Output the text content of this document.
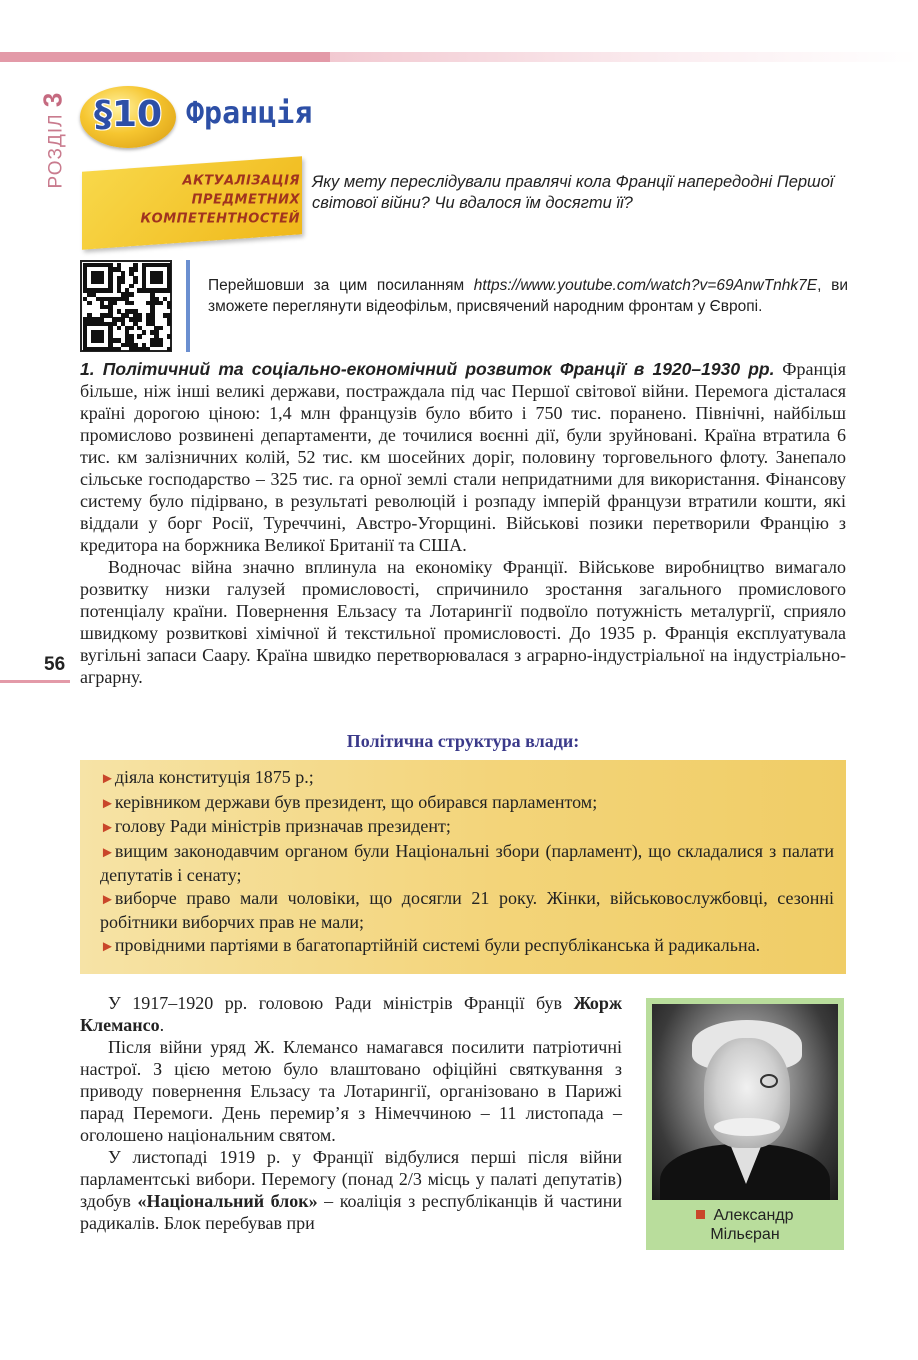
РОЗДІЛ 3 §10 Франція
АКТУАЛІЗАЦІЯ
ПРЕДМЕТНИХ
КОМПЕТЕНТНОСТЕЙ
Яку мету переслідували правлячі кола Франції напередодні Першої світової війни? Чи вдалося їм досягти її?
Перейшовши за цим посиланням https://www.youtube.com/watch?v=69AnwTnhk7E, ви зможете переглянути відеофільм, присвячений народним фронтам у Європі.

1. Політичний та соціально-економічний розвиток Франції в 1920–1930 рр. Франція більше, ніж інші великі держави, постраждала під час Першої світової війни. Перемога дісталася країні дорогою ціною: 1,4 млн французів було вбито і 750 тис. поранено. Північні, найбільш промислово розвинені департаменти, де точилися воєнні дії, були зруйновані. Країна втратила 6 тис. км залізничних колій, 52 тис. км шосейних доріг, половину торговельного флоту. Занепало сільське господарство – 325 тис. га орної землі стали непридатними для використання. Фінансову систему було підірвано, в результаті революцій і розпаду імперій французи втратили кошти, які віддали у борг Росії, Туреччині, Австро-Угорщині. Військові позики перетворили Францію з кредитора на боржника Великої Британії та США.

Водночас війна значно вплинула на економіку Франції. Військове виробництво вимагало розвитку низки галузей промисловості, спричинило зростання загального промислового потенціалу країни. Повернення Ельзасу та Лотарингії подвоїло потужність металургії, сприяло швидкому розвиткові хімічної й текстильної промисловості. До 1935 р. Франція експлуатувала вугільні запаси Саару. Країна швидко перетворювалася з аграрно-індустріальної на індустріально-аграрну.

56
Політична структура влади:
►діяла конституція 1875 р.;
►керівником держави був президент, що обирався парламентом;
►голову Ради міністрів призначав президент;
►вищим законодавчим органом були Національні збори (парламент), що складалися з палати депутатів і сенату;
►виборче право мали чоловіки, що досягли 21 року. Жінки, військовослужбовці, сезонні робітники виборчих прав не мали;
►провідними партіями в багатопартійній системі були республіканська й радикальна.

У 1917–1920 рр. головою Ради міністрів Франції був Жорж Клемансо.

Після війни уряд Ж. Клемансо намагався посилити патріотичні настрої. З цією метою було влаштовано офіційні святкування з приводу повернення Ельзасу та Лотарингії, організовано в Парижі парад Перемоги. День перемир’я з Німеччиною – 11 листопада – оголошено національним святом.

У листопаді 1919 р. у Франції відбулися перші після війни парламентські вибори. Перемогу (понад 2/3 місць у палаті депутатів) здобув «Національний блок» – коаліція з республіканців й частини радикалів. Блок перебував при	Александр
Мільєран
